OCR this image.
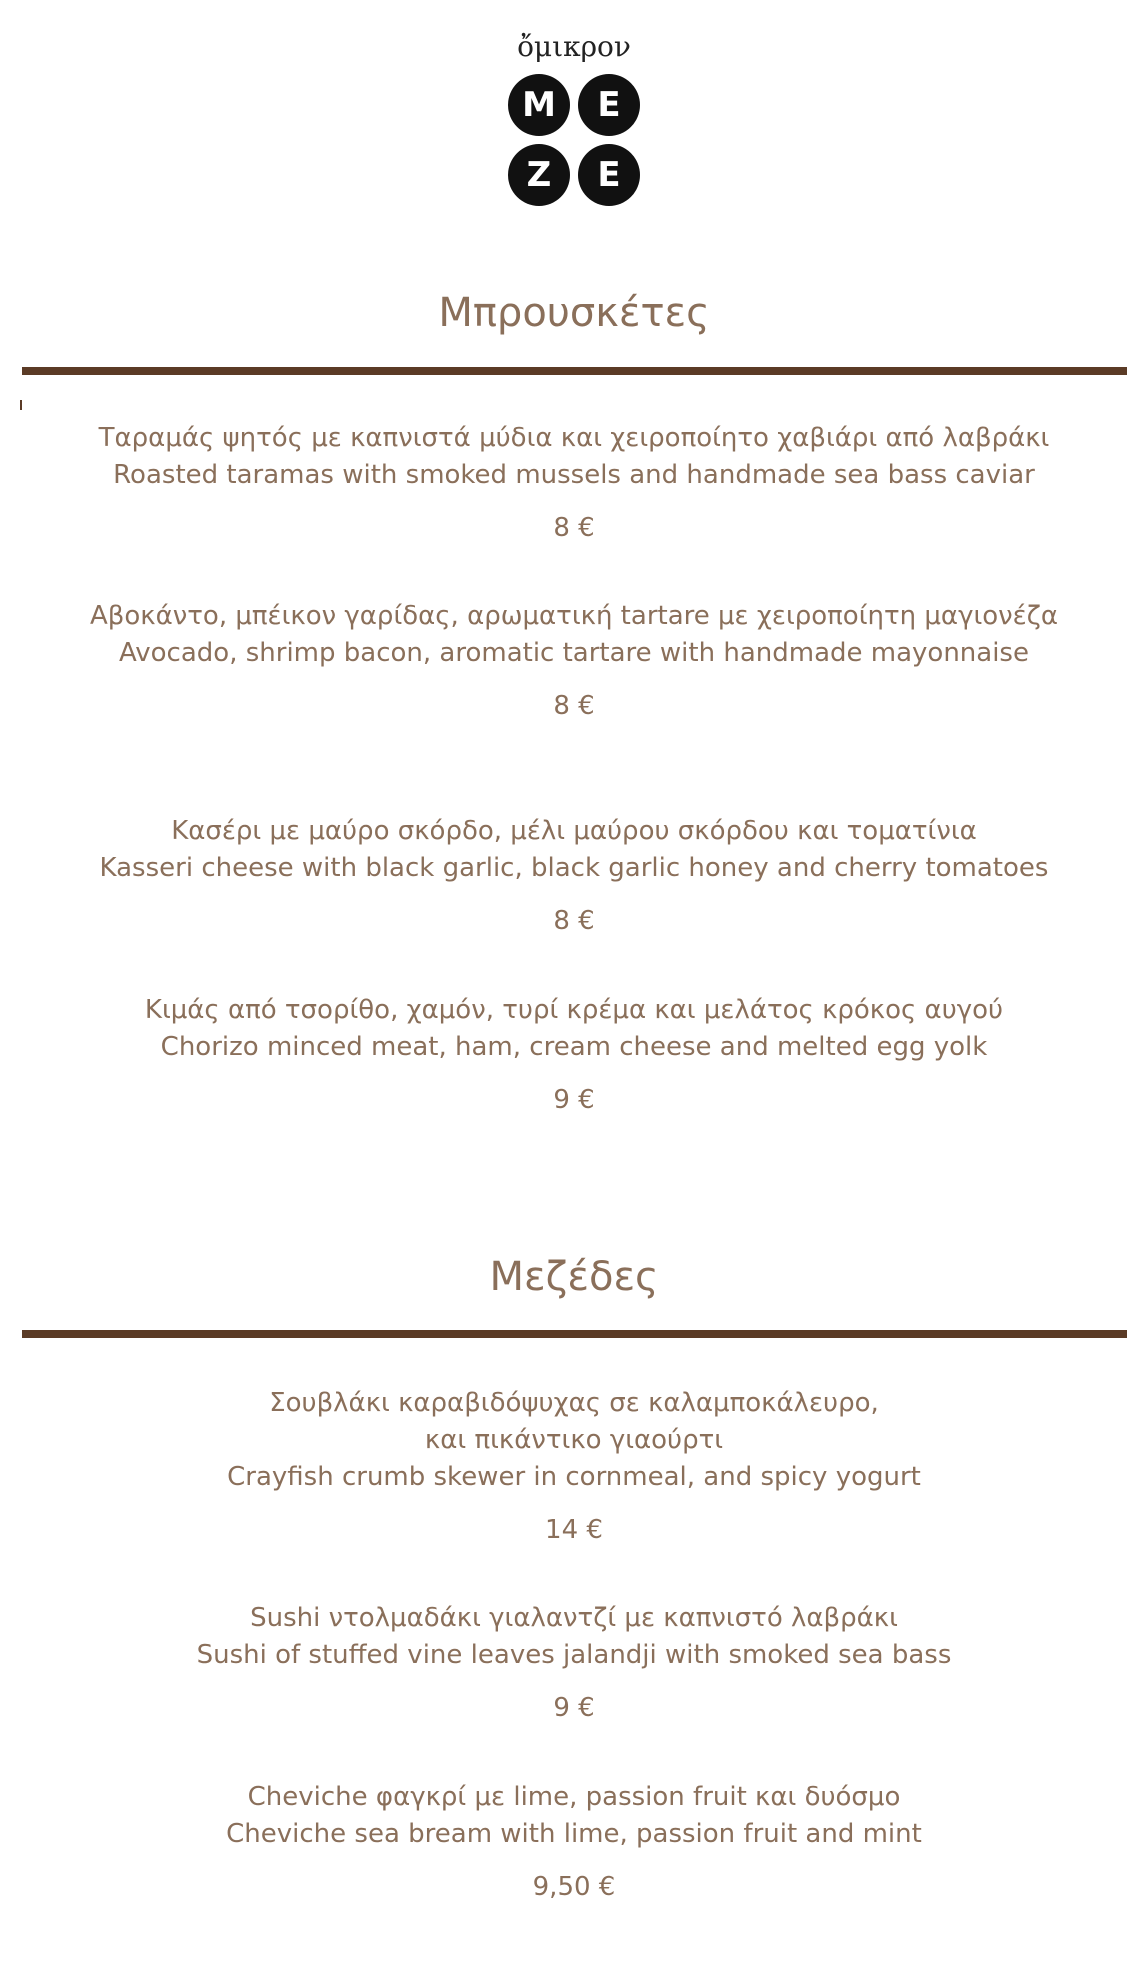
ὄμικρον
M	E
Z	E
Μπρουσκέτες
Ταραμάς ψητός με καπνιστά μύδια και χειροποίητο χαβιάρι από λαβράκι
Roasted taramas with smoked mussels and handmade sea bass caviar
8 €
Αβοκάντο, μπέικον γαρίδας, αρωματική tartare με χειροποίητη μαγιονέζα
Avocado, shrimp bacon, aromatic tartare with handmade mayonnaise
8 €
Κασέρι με μαύρο σκόρδο, μέλι μαύρου σκόρδου και τοματίνια
Kasseri cheese with black garlic, black garlic honey and cherry tomatoes
8 €
Κιμάς από τσορίθο, χαμόν, τυρί κρέμα και μελάτος κρόκος αυγού
Chorizo minced meat, ham, cream cheese and melted egg yolk
9 €
Μεζέδες
Σουβλάκι καραβιδόψυχας σε καλαμποκάλευρο,
και πικάντικο γιαούρτι
Crayfish crumb skewer in cornmeal, and spicy yogurt
14 €
Sushi ντολμαδάκι γιαλαντζί με καπνιστό λαβράκι
Sushi of stuffed vine leaves jalandji with smoked sea bass
9 €
Cheviche φαγκρί με lime, passion fruit και δυόσμο
Cheviche sea bream with lime, passion fruit and mint
9,50 €
